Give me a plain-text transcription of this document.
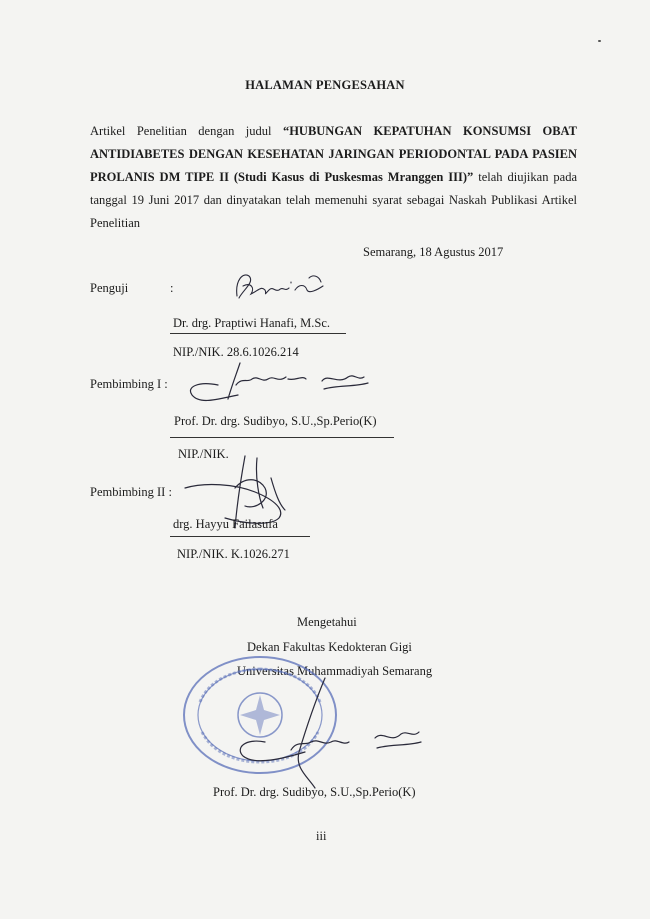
HALAMAN PENGESAHAN
Artikel Penelitian dengan judul “HUBUNGAN KEPATUHAN KONSUMSI OBAT ANTIDIABETES DENGAN KESEHATAN JARINGAN PERIODONTAL PADA PASIEN PROLANIS DM TIPE II (Studi Kasus di Puskesmas Mranggen III)” telah diujikan pada tanggal 19 Juni 2017 dan dinyatakan telah memenuhi syarat sebagai Naskah Publikasi Artikel Penelitian
Semarang, 18 Agustus 2017
Penguji	:
Dr. drg. Praptiwi Hanafi, M.Sc.
NIP./NIK. 28.6.1026.214
Pembimbing I :
Prof. Dr. drg. Sudibyo, S.U.,Sp.Perio(K)
NIP./NIK.
Pembimbing II :
drg. Hayyu Failasufa
NIP./NIK. K.1026.271
Mengetahui
Dekan Fakultas Kedokteran Gigi
Universitas Muhammadiyah Semarang
Prof. Dr. drg. Sudibyo, S.U.,Sp.Perio(K)
iii
